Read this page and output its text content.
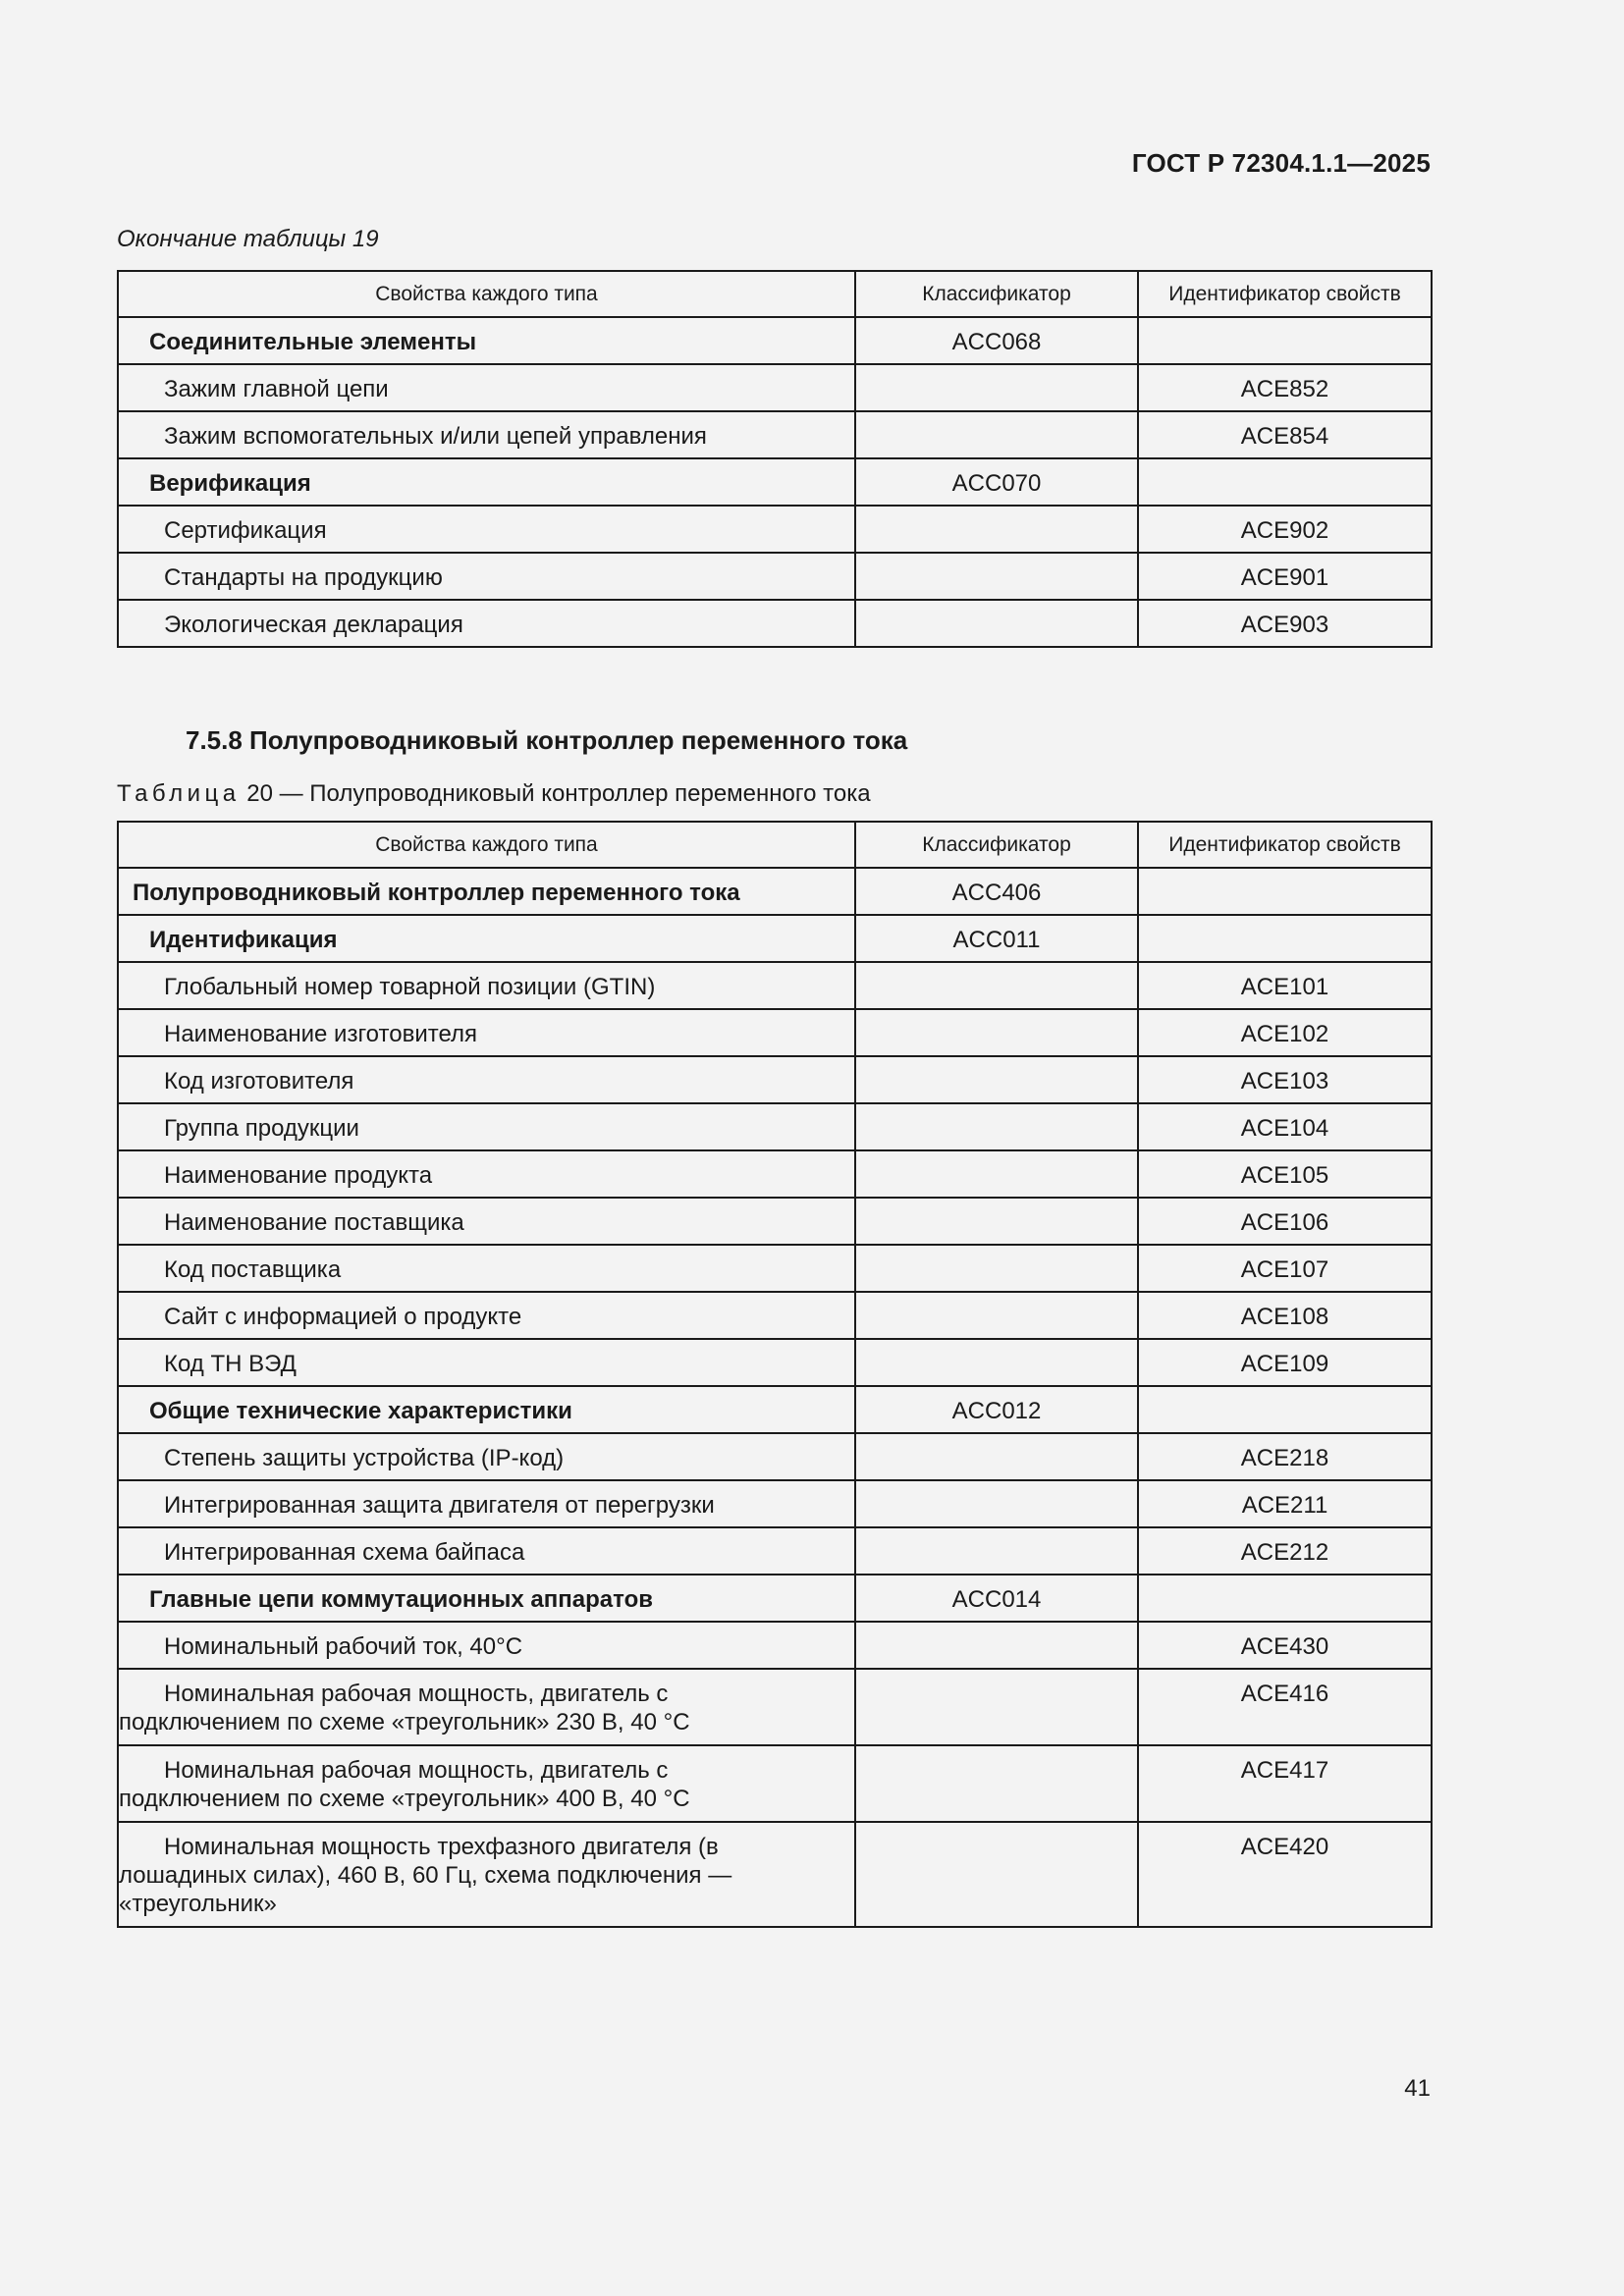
ГОСТ Р 72304.1.1—2025
Окончание таблицы 19
Свойства каждого типа	Классификатор	Идентификатор свойств

Соединительные элементы	ACC068	

Зажим главной цепи		ACE852

Зажим вспомогательных и/или цепей управления		ACE854

Верификация	ACC070	

Сертификация		ACE902

Стандарты на продукцию		ACE901

Экологическая декларация		ACE903
7.5.8 Полупроводниковый контроллер переменного тока
Таблица 20 — Полупроводниковый контроллер переменного тока
Свойства каждого типа	Классификатор	Идентификатор свойств

Полупроводниковый контроллер переменного тока	ACC406	

Идентификация	ACC011	

Глобальный номер товарной позиции (GTIN)		ACE101

Наименование изготовителя		ACE102

Код изготовителя		ACE103

Группа продукции		ACE104

Наименование продукта		ACE105

Наименование поставщика		ACE106

Код поставщика		ACE107

Сайт с информацией о продукте		ACE108

Код ТН ВЭД		ACE109

Общие технические характеристики	ACC012	

Степень защиты устройства (IP-код)		ACE218

Интегрированная защита двигателя от перегрузки		ACE211

Интегрированная схема байпаса		ACE212

Главные цепи коммутационных аппаратов	ACC014	

Номинальный рабочий ток, 40°C		ACE430

Номинальная рабочая мощность, двигатель с подключением по схеме «треугольник» 230 В, 40 °C		ACE416

Номинальная рабочая мощность, двигатель с подключением по схеме «треугольник» 400 В, 40 °C		ACE417

Номинальная мощность трехфазного двигателя (в лошадиных силах), 460 В, 60 Гц, схема подключения — «треугольник»		ACE420
41
